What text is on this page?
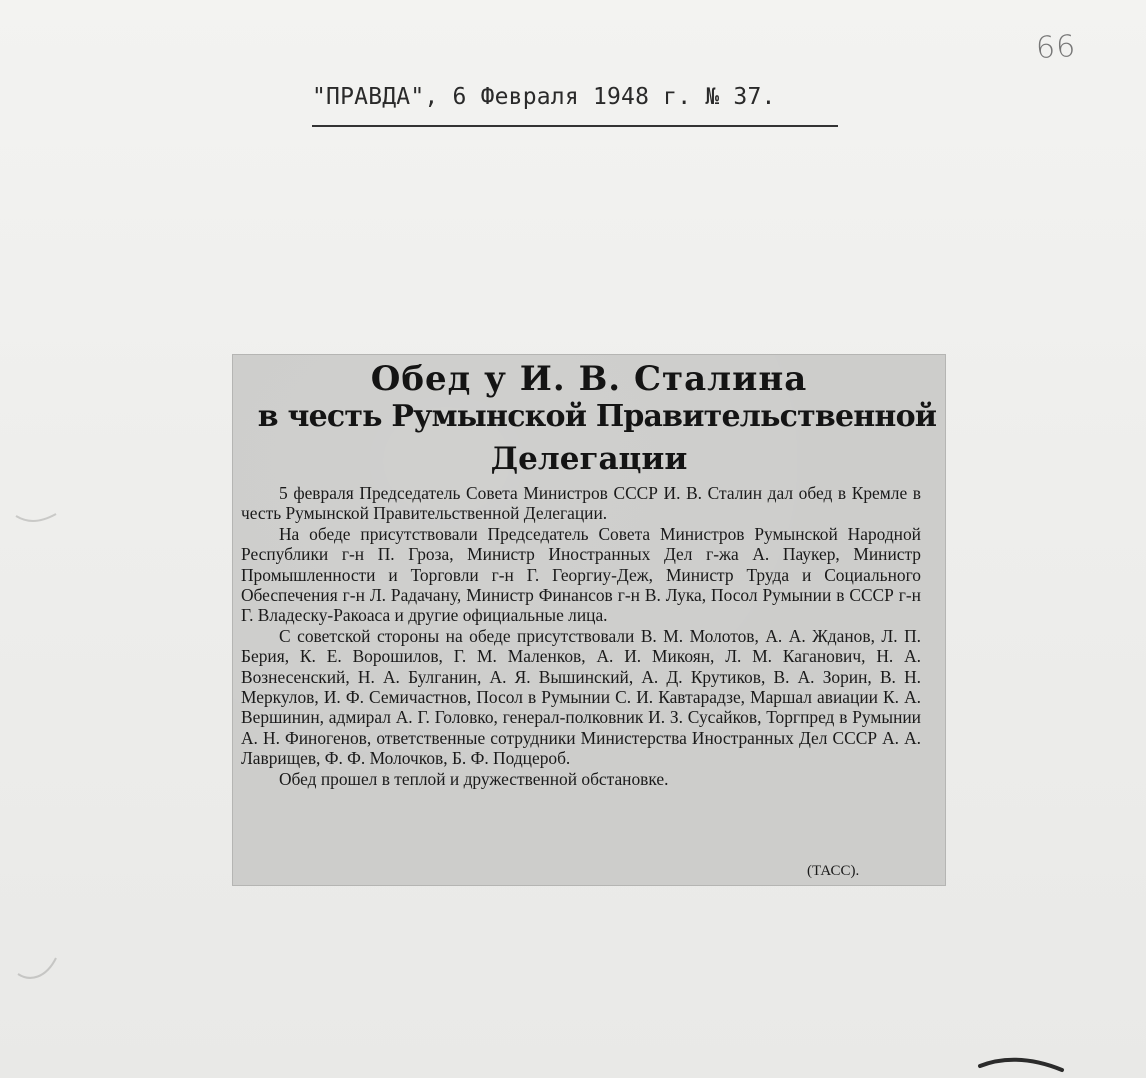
66
"ПРАВДА", 6 Февраля 1948 г. № 37.
Обед у И. В. Сталина
в честь Румынской Правительственной
Делегации

5 февраля Председатель Совета Министров СССР И. В. Сталин дал обед в Кремле в честь Румынской Правительственной Делегации.

На обеде присутствовали Председатель Совета Министров Румынской Народной Республики г-н П. Гроза, Министр Иностранных Дел г-жа А. Паукер, Министр Промышленности и Торговли г-н Г. Георгиу-Деж, Министр Труда и Социального Обеспечения г-н Л. Радачану, Министр Финансов г-н В. Лука, Посол Румынии в СССР г-н Г. Владеску-Ракоаса и другие официальные лица.

С советской стороны на обеде присутствовали В. М. Молотов, А. А. Жданов, Л. П. Берия, К. Е. Ворошилов, Г. М. Маленков, А. И. Микоян, Л. М. Каганович, Н. А. Вознесенский, Н. А. Булганин, А. Я. Вышинский, А. Д. Крутиков, В. А. Зорин, В. Н. Меркулов, И. Ф. Семичастнов, Посол в Румынии С. И. Кавтарадзе, Маршал авиации К. А. Вершинин, адмирал А. Г. Головко, генерал-полковник И. З. Сусайков, Торгпред в Румынии А. Н. Финогенов, ответственные сотрудники Министерства Иностранных Дел СССР А. А. Лаврищев, Ф. Ф. Молочков, Б. Ф. Подцероб.

Обед прошел в теплой и дружественной обстановке.

(ТАСС).
